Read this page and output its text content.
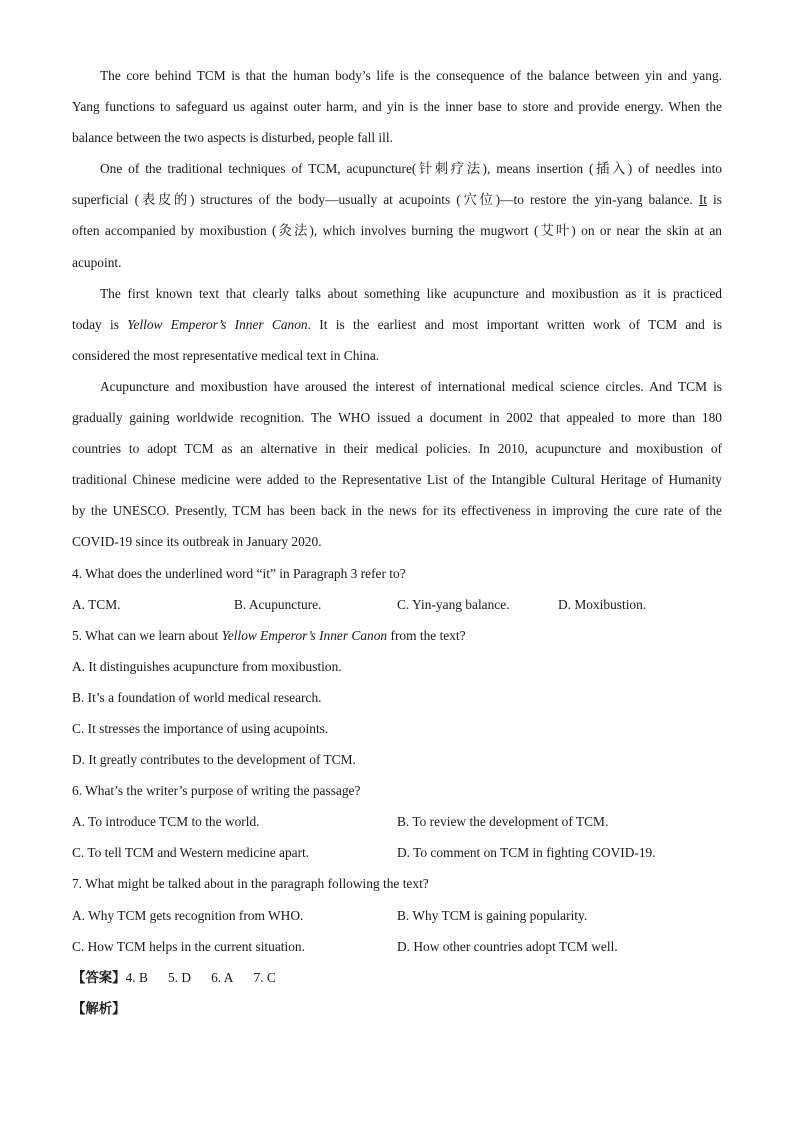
The core behind TCM is that the human body’s life is the consequence of the balance between yin and yang.
Yang functions to safeguard us against outer harm, and yin is the inner base to store and provide energy. When the
balance between the two aspects is disturbed, people fall ill.
One of the traditional techniques of TCM, acupuncture(针刺疗法), means insertion (插入) of needles into
superficial (表皮的) structures of the body—usually at acupoints (穴位)—to restore the yin-yang balance. It is
often accompanied by moxibustion (灸法), which involves burning the mugwort (艾叶) on or near the skin at an
acupoint.
The first known text that clearly talks about something like acupuncture and moxibustion as it is practiced
today is Yellow Emperor’s Inner Canon. It is the earliest and most important written work of TCM and is
considered the most representative medical text in China.
Acupuncture and moxibustion have aroused the interest of international medical science circles. And TCM is
gradually gaining worldwide recognition. The WHO issued a document in 2002 that appealed to more than 180
countries to adopt TCM as an alternative in their medical policies. In 2010, acupuncture and moxibustion of
traditional Chinese medicine were added to the Representative List of the Intangible Cultural Heritage of Humanity
by the UNESCO. Presently, TCM has been back in the news for its effectiveness in improving the cure rate of the
COVID-19 since its outbreak in January 2020.
4. What does the underlined word “it” in Paragraph 3 refer to?
A. TCM.	B. Acupuncture.	C. Yin-yang balance.	D. Moxibustion.
5. What can we learn about Yellow Emperor’s Inner Canon from the text?
A. It distinguishes acupuncture from moxibustion.
B. It’s a foundation of world medical research.
C. It stresses the importance of using acupoints.
D. It greatly contributes to the development of TCM.
6. What’s the writer’s purpose of writing the passage?
A. To introduce TCM to the world.	B. To review the development of TCM.
C. To tell TCM and Western medicine apart.	D. To comment on TCM in fighting COVID-19.
7. What might be talked about in the paragraph following the text?
A. Why TCM gets recognition from WHO.	B. Why TCM is gaining popularity.
C. How TCM helps in the current situation.	D. How other countries adopt TCM well.
【答案】4. B   5. D   6. A   7. C
【解析】
